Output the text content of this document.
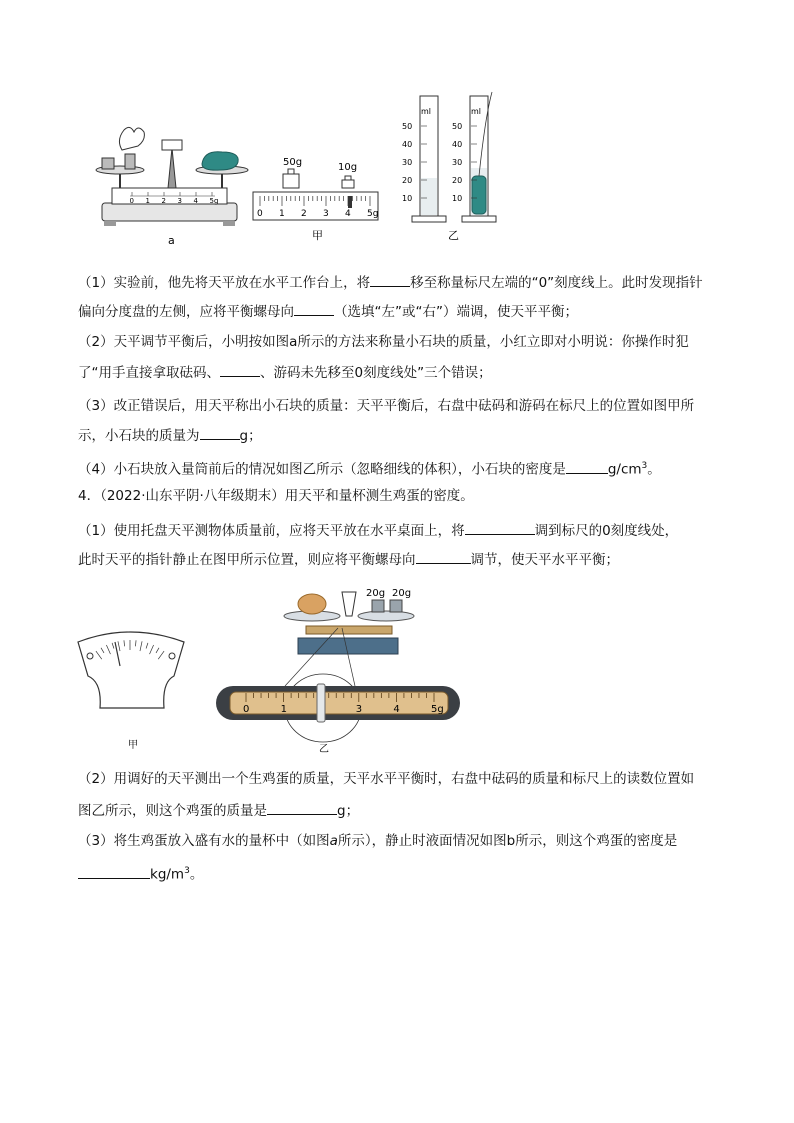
0 1 2 3 4 5g
a
0 1 2 3 4 5g
50g	10g
甲
ml
50
40
30
20
10
ml
50
40
30
20
10
乙
（1）实验前，他先将天平放在水平工作台上，将	移至称量标尺左端的“0”刻度线上。此时发现指针
偏向分度盘的左侧，应将平衡螺母向	（选填“左”或“右”）端调，使天平平衡；
（2）天平调节平衡后，小明按如图a所示的方法来称量小石块的质量，小红立即对小明说：你操作时犯
了“用手直接拿取砝码、	、游码未先移至0刻度线处”三个错误；
（3）改正错误后，用天平称出小石块的质量：天平平衡后，右盘中砝码和游码在标尺上的位置如图甲所
示，小石块的质量为	g；
（4）小石块放入量筒前后的情况如图乙所示（忽略细线的体积），小石块的密度是	$g/cm^3$。
4．（2022·山东平阴·八年级期末）用天平和量杯测生鸡蛋的密度。
（1）使用托盘天平测物体质量前，应将天平放在水平桌面上，将	调到标尺的0刻度线处，
此时天平的指针静止在图甲所示位置，则应将平衡螺母向	调节，使天平水平平衡；
甲
20g 20g
0	1	3	4	5g
乙
（2）用调好的天平测出一个生鸡蛋的质量，天平水平平衡时，右盘中砝码的质量和标尺上的读数位置如
图乙所示，则这个鸡蛋的质量是	g；
（3）将生鸡蛋放入盛有水的量杯中（如图a所示），静止时液面情况如图b所示，则这个鸡蛋的密度是
$kg/m^3$。
